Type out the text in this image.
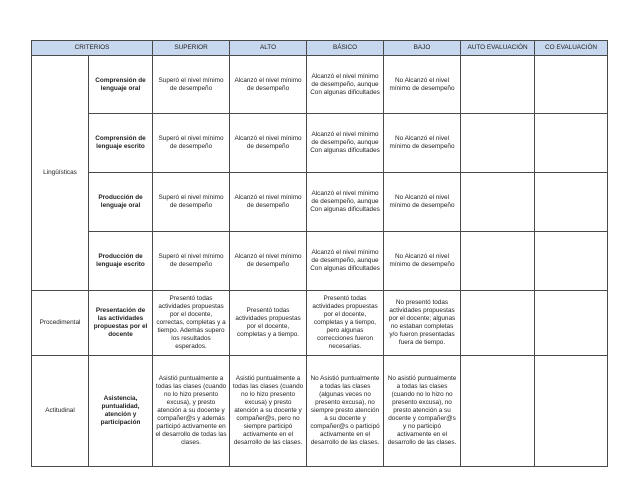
CRITERIOS		SUPERIOR	ALTO	BÁSICO	BAJO	AUTO EVALUACIÓN	CO EVALUACIÓN
Lingüísticas	Comprensión de lenguaje oral	Superó el nivel mínimo de desempeño	Alcanzó el nivel mínimo de desempeño	Alcanzó el nivel mínimo de desempeño, aunque Con algunas dificultades	No Alcanzó el nivel mínimo de desempeño		
	Comprensión de lenguaje escrito	Superó el nivel mínimo de desempeño	Alcanzó el nivel mínimo de desempeño	Alcanzó el nivel mínimo de desempeño, aunque Con algunas dificultades	No Alcanzó el nivel mínimo de desempeño		
	Producción de lenguaje oral	Superó el nivel mínimo de desempeño	Alcanzó el nivel mínimo de desempeño	Alcanzó el nivel mínimo de desempeño, aunque Con algunas dificultades	No Alcanzó el nivel mínimo de desempeño		
	Producción de lenguaje escrito	Superó el nivel mínimo de desempeño	Alcanzó el nivel mínimo de desempeño	Alcanzó el nivel mínimo de desempeño, aunque Con algunas dificultades	No Alcanzó el nivel mínimo de desempeño		
Procedimental	Presentación de las actividades propuestas por el docente	Presentó todas actividades propuestas por el docente, correctas, completas y a tiempo. Además supero los resultados esperados.	Presentó todas actividades propuestas por el docente, completas y a tiempo.	Presentó todas actividades propuestas por el docente, completas y a tiempo, pero algunas correcciones fueron necesarias.	No presentó todas actividades propuestas por el docente; algunas no estaban completas y/o fueron presentadas fuera de tiempo.		
Actitudinal	Asistencia, puntualidad, atención y participación	Asistió puntualmente a todas las clases (cuando no lo hizo presento excusa), y presto atención a su docente y compañer@s y además participó activamente en el desarrollo de todas las clases.	Asistió puntualmente a todas las clases (cuando no lo hizo presento excusa) y presto atención a su docente y compañer@s, pero no siempre participó activamente en el desarrollo de las clases.	No Asistió puntualmente a todas las clases (algunas veces no presento excusa), no siempre presto atención a su docente y compañer@s o participó activamente en el desarrollo de las clases.	No asistió puntualmente a todas las clases (cuando no lo hizo no presento excusa), no presto atención a su docente y compañer@s y no participó activamente en el desarrollo de las clases.		
